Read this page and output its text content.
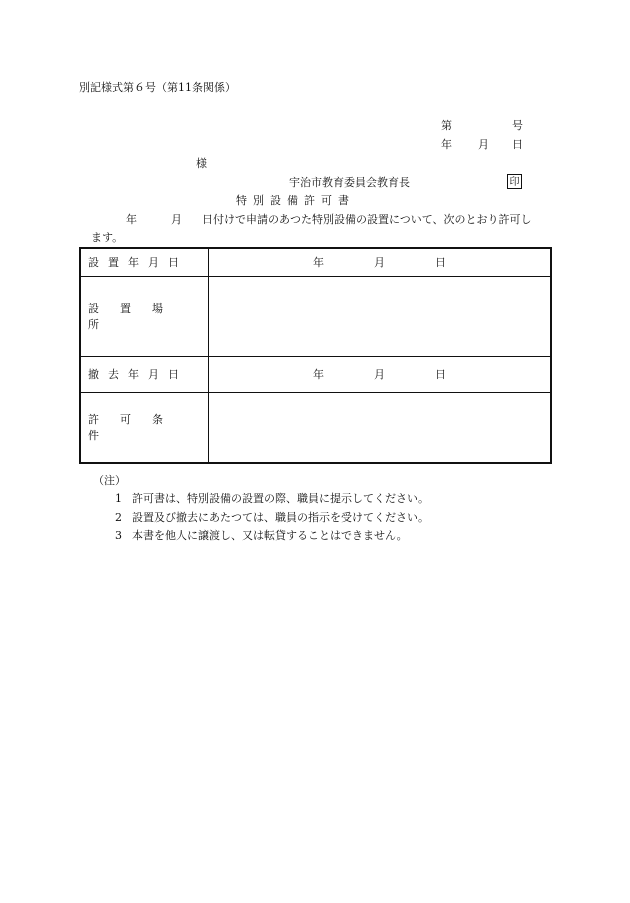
別記様式第６号（第11条関係）
第	号
年 月 日
様
宇治市教育委員会教育長	印
特別設備許可書
年	月 日付けで申請のあつた特別設備の設置について、次のとおり許可し
ます。
設置年月日	年 月 日
設置場所	
撤去年月日	年 月 日
許可条件	
（注）
1 許可書は、特別設備の設置の際、職員に提示してください。
2 設置及び撤去にあたつては、職員の指示を受けてください。
3 本書を他人に譲渡し、又は転貸することはできません。
